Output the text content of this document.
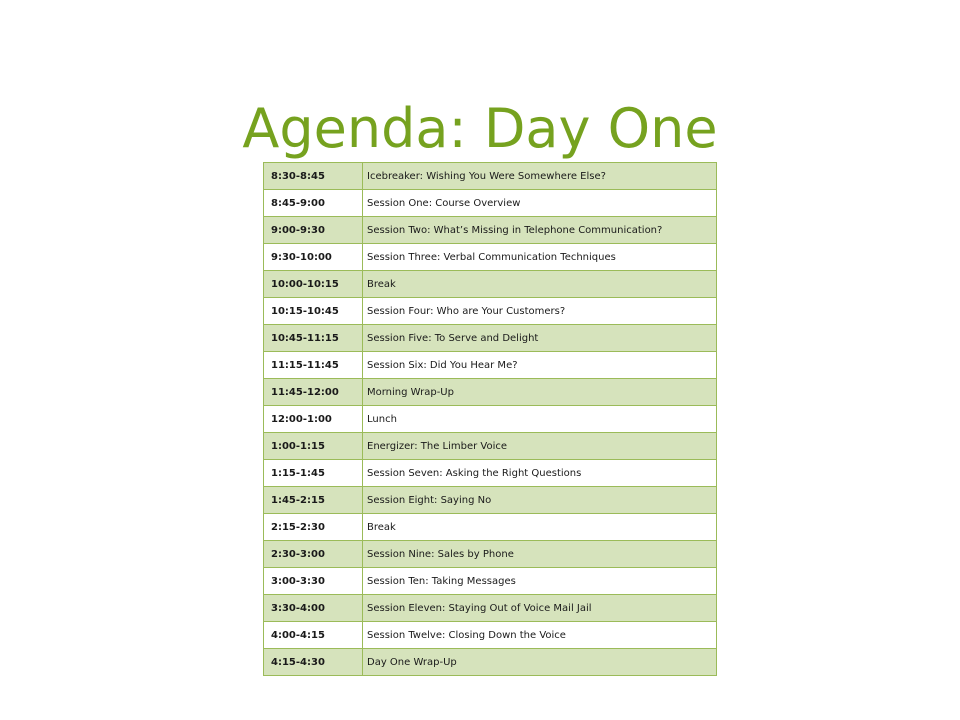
Agenda: Day One
8:30-8:45	Icebreaker: Wishing You Were Somewhere Else?
8:45-9:00	Session One: Course Overview
9:00-9:30	Session Two: What’s Missing in Telephone Communication?
9:30-10:00	Session Three: Verbal Communication Techniques
10:00-10:15	Break
10:15-10:45	Session Four: Who are Your Customers?
10:45-11:15	Session Five: To Serve and Delight
11:15-11:45	Session Six: Did You Hear Me?
11:45-12:00	Morning Wrap-Up
12:00-1:00	Lunch
1:00-1:15	Energizer: The Limber Voice
1:15-1:45	Session Seven: Asking the Right Questions
1:45-2:15	Session Eight: Saying No
2:15-2:30	Break
2:30-3:00	Session Nine: Sales by Phone
3:00-3:30	Session Ten: Taking Messages
3:30-4:00	Session Eleven: Staying Out of Voice Mail Jail
4:00-4:15	Session Twelve: Closing Down the Voice
4:15-4:30	Day One Wrap-Up
